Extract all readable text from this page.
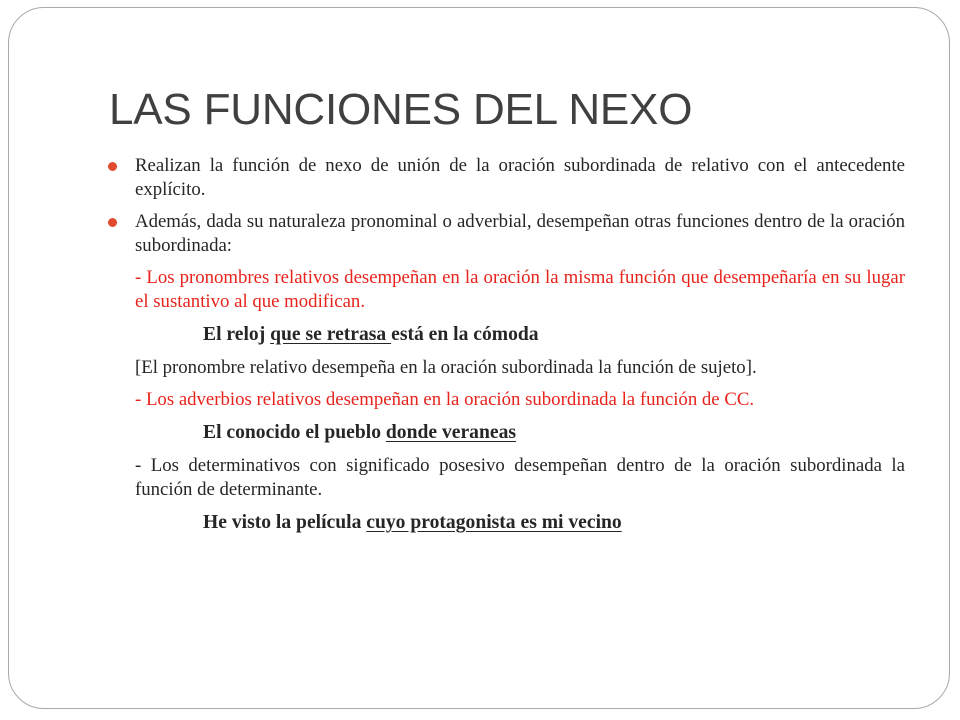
LAS FUNCIONES DEL NEXO
Realizan la función de nexo de unión de la oración subordinada de relativo con el antecedente explícito.
Además, dada su naturaleza pronominal o adverbial, desempeñan otras funciones dentro de la oración subordinada:

- Los pronombres relativos desempeñan en la oración la misma función que desempeñaría en su lugar el sustantivo al que modifican.

El reloj que se retrasa está en la cómoda

[El pronombre relativo desempeña en la oración subordinada la función de sujeto].

- Los adverbios relativos desempeñan en la oración subordinada la función de CC.

El conocido el pueblo donde veraneas

- Los determinativos con significado posesivo desempeñan dentro de la oración subordinada la función de determinante.

He visto la película cuyo protagonista es mi vecino
